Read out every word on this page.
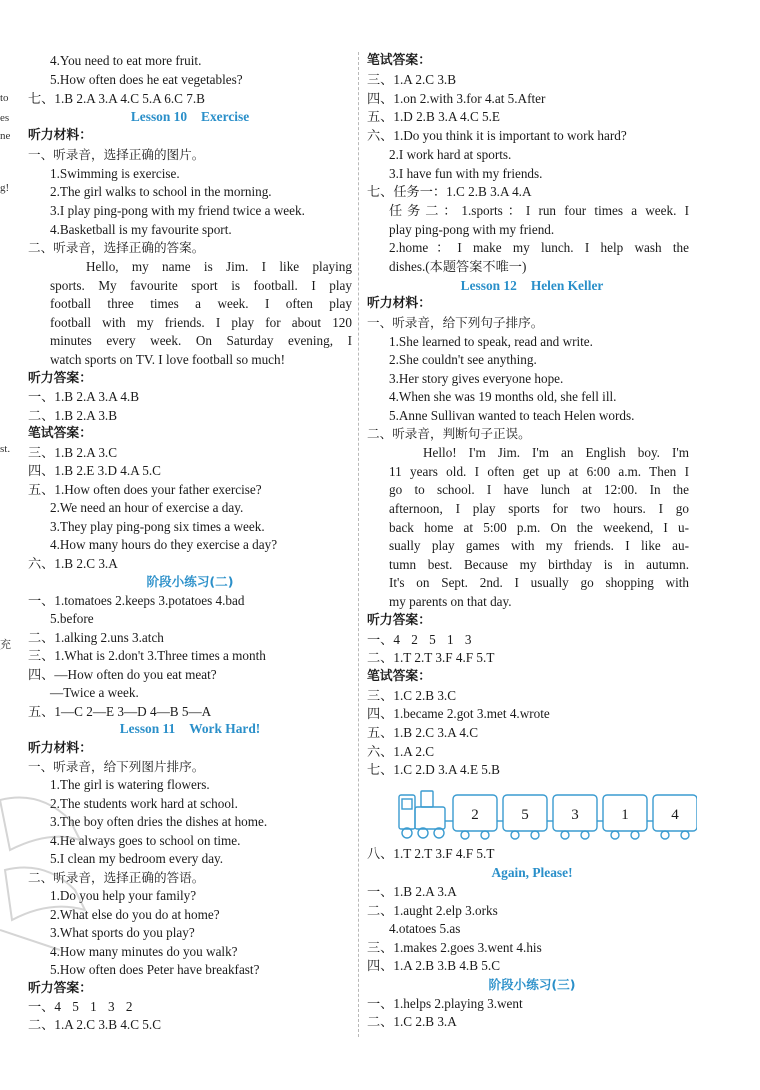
to
es
ne
g!
st.
充
4.You need to eat more fruit.
5.How often does he eat vegetables?
七、1.B 2.A 3.A 4.C 5.A 6.C 7.B
Lesson 10 Exercise
听力材料：
一、听录音，选择正确的图片。
1.Swimming is exercise.
2.The girl walks to school in the morning.
3.I play ping-pong with my friend twice a week.
4.Basketball is my favourite sport.
二、听录音，选择正确的答案。
Hello, my name is Jim. I like playing
sports. My favourite sport is football. I play
football three times a week. I often play
football with my friends. I play for about 120
minutes every week. On Saturday evening, I
watch sports on TV. I love football so much!
听力答案：
一、1.B 2.A 3.A 4.B
二、1.B 2.A 3.B
笔试答案：
三、1.B 2.A 3.C
四、1.B 2.E 3.D 4.A 5.C
五、1.How often does your father exercise?
2.We need an hour of exercise a day.
3.They play ping-pong six times a week.
4.How many hours do they exercise a day?
六、1.B 2.C 3.A
阶段小练习(二)
一、1.tomatoes 2.keeps 3.potatoes 4.bad
5.before
二、1.alking 2.uns 3.atch
三、1.What is 2.don't 3.Three times a month
四、—How often do you eat meat?
—Twice a week.
五、1—C 2—E 3—D 4—B 5—A
Lesson 11 Work Hard!
听力材料：
一、听录音，给下列图片排序。
1.The girl is watering flowers.
2.The students work hard at school.
3.The boy often dries the dishes at home.
4.He always goes to school on time.
5.I clean my bedroom every day.
二、听录音，选择正确的答语。
1.Do you help your family?
2.What else do you do at home?
3.What sports do you play?
4.How many minutes do you walk?
5.How often does Peter have breakfast?
听力答案：
一、4 5 1 3 2
二、1.A 2.C 3.B 4.C 5.C
笔试答案：
三、1.A 2.C 3.B
四、1.on 2.with 3.for 4.at 5.After
五、1.D 2.B 3.A 4.C 5.E
六、1.Do you think it is important to work hard?
2.I work hard at sports.
3.I have fun with my friends.
七、任务一：1.C 2.B 3.A 4.A
任务二：1.sports：I run four times a week. I
play ping-pong with my friend.
2.home：I make my lunch. I help wash the
dishes.(本题答案不唯一)
Lesson 12 Helen Keller
听力材料：
一、听录音，给下列句子排序。
1.She learned to speak, read and write.
2.She couldn't see anything.
3.Her story gives everyone hope.
4.When she was 19 months old, she fell ill.
5.Anne Sullivan wanted to teach Helen words.
二、听录音，判断句子正误。
Hello! I'm Jim. I'm an English boy. I'm
11 years old. I often get up at 6:00 a.m. Then I
go to school. I have lunch at 12:00. In the
afternoon, I play sports for two hours. I go
back home at 5:00 p.m. On the weekend, I u-
sually play games with my friends. I like au-
tumn best. Because my birthday is in autumn.
It's on Sept. 2nd. I usually go shopping with
my parents on that day.
听力答案：
一、4 2 5 1 3
二、1.T 2.T 3.F 4.F 5.T
笔试答案：
三、1.C 2.B 3.C
四、1.became 2.got 3.met 4.wrote
五、1.B 2.C 3.A 4.C
六、1.A 2.C
七、1.C 2.D 3.A 4.E 5.B
2	5	3	1	4
八、1.T 2.T 3.F 4.F 5.T
Again, Please!
一、1.B 2.A 3.A
二、1.aught 2.elp 3.orks
4.otatoes 5.as
三、1.makes 2.goes 3.went 4.his
四、1.A 2.B 3.B 4.B 5.C
阶段小练习(三)
一、1.helps 2.playing 3.went
二、1.C 2.B 3.A
